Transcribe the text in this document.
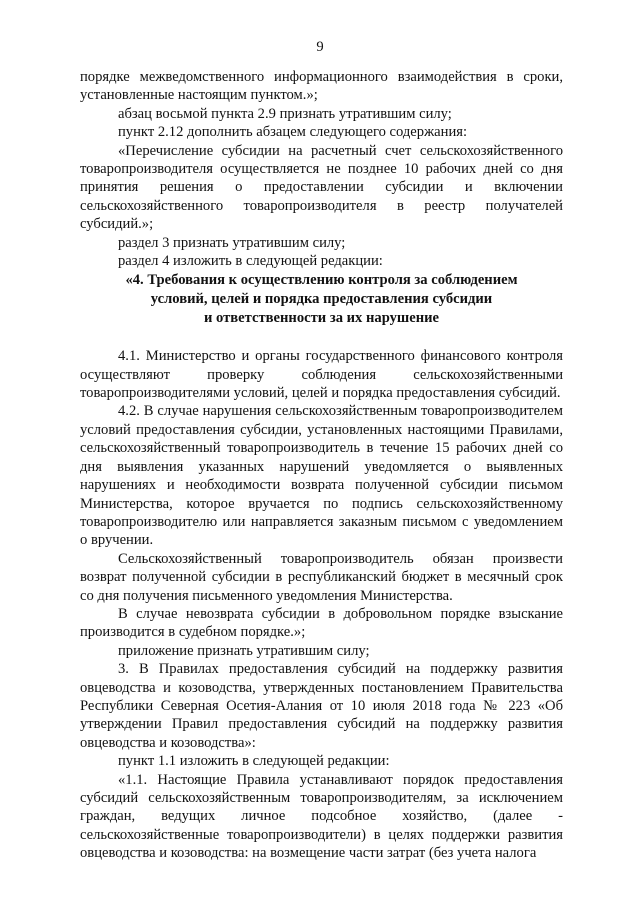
9

порядке межведомственного информационного взаимодействия в сроки, установленные настоящим пунктом.»;

абзац восьмой пункта 2.9 признать утратившим силу;

пункт 2.12 дополнить абзацем следующего содержания:

«Перечисление субсидии на расчетный счет сельскохозяйственного товаропроизводителя осуществляется не позднее 10 рабочих дней со дня принятия решения о предоставлении субсидии и включении сельскохозяйственного товаропроизводителя в реестр получателей субсидий.»;

раздел 3 признать утратившим силу;

раздел 4 изложить в следующей редакции:

«4. Требования к осуществлению контроля за соблюдением
условий, целей и порядка предоставления субсидии
и ответственности за их нарушение

4.1. Министерство и органы государственного финансового контроля осуществляют проверку соблюдения сельскохозяйственными товаропроизводителями условий, целей и порядка предоставления субсидий.

4.2. В случае нарушения сельскохозяйственным товаропроизводителем условий предоставления субсидии, установленных настоящими Правилами, сельскохозяйственный товаропроизводитель в течение 15 рабочих дней со дня выявления указанных нарушений уведомляется о выявленных нарушениях и необходимости возврата полученной субсидии письмом Министерства, которое вручается по подпись сельскохозяйственному товаропроизводителю или направляется заказным письмом с уведомлением о вручении.

Сельскохозяйственный товаропроизводитель обязан произвести возврат полученной субсидии в республиканский бюджет в месячный срок со дня получения письменного уведомления Министерства.

В случае невозврата субсидии в добровольном порядке взыскание производится в судебном порядке.»;

приложение признать утратившим силу;

3. В Правилах предоставления субсидий на поддержку развития овцеводства и козоводства, утвержденных постановлением Правительства Республики Северная Осетия-Алания от 10 июля 2018 года № 223 «Об утверждении Правил предоставления субсидий на поддержку развития овцеводства и козоводства»:

пункт 1.1 изложить в следующей редакции:

«1.1. Настоящие Правила устанавливают порядок предоставления субсидий сельскохозяйственным товаропроизводителям, за исключением граждан, ведущих личное подсобное хозяйство, (далее - сельскохозяйственные товаропроизводители) в целях поддержки развития овцеводства и козоводства: на возмещение части затрат (без учета налога
